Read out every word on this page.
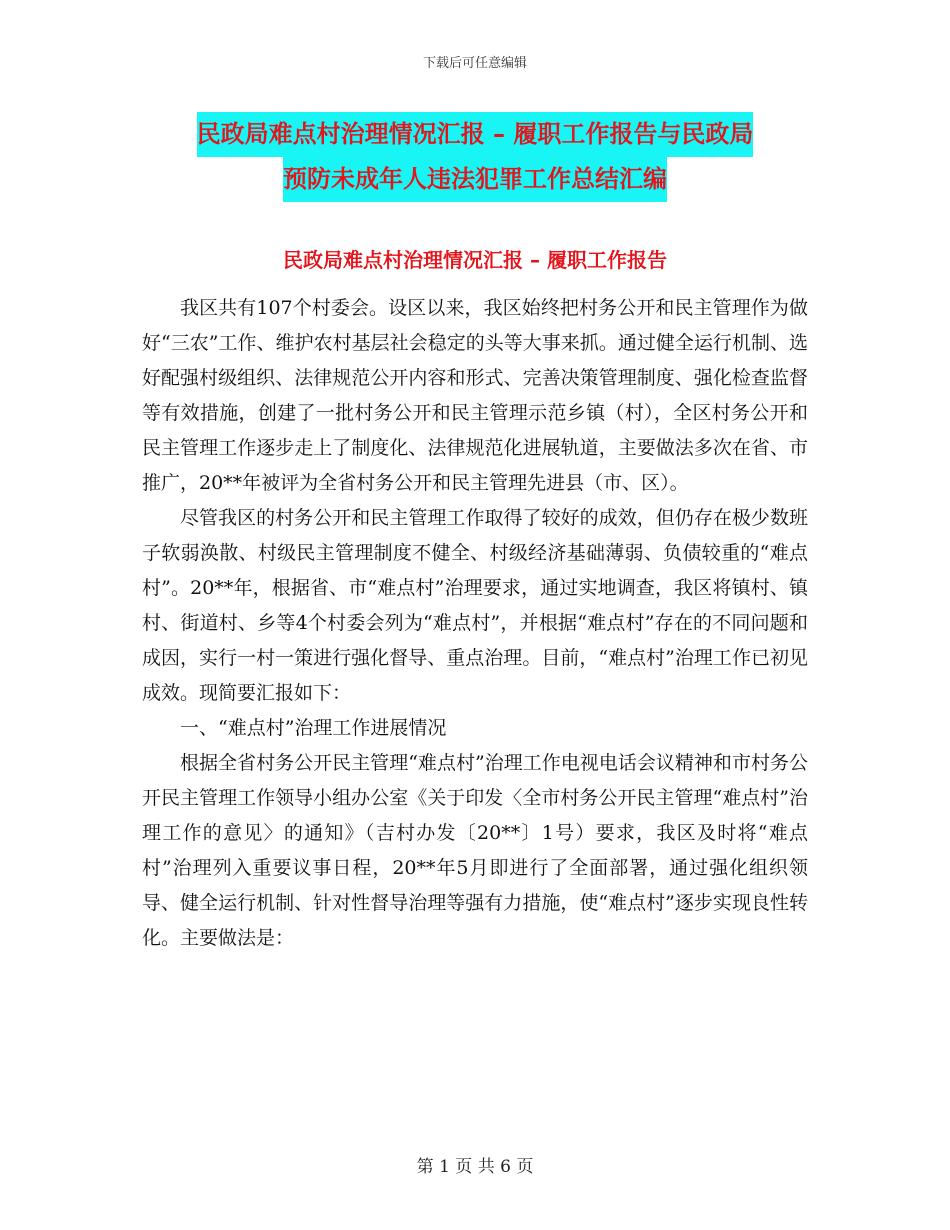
下载后可任意编辑
民政局难点村治理情况汇报 – 履职工作报告与民政局
预防未成年人违法犯罪工作总结汇编
民政局难点村治理情况汇报 – 履职工作报告

我区共有107个村委会。设区以来，我区始终把村务公开和民主管理作为做好“三农”工作、维护农村基层社会稳定的头等大事来抓。通过健全运行机制、选好配强村级组织、法律规范公开内容和形式、完善决策管理制度、强化检查监督等有效措施，创建了一批村务公开和民主管理示范乡镇（村），全区村务公开和民主管理工作逐步走上了制度化、法律规范化进展轨道，主要做法多次在省、市推广，20**年被评为全省村务公开和民主管理先进县（市、区）。

尽管我区的村务公开和民主管理工作取得了较好的成效，但仍存在极少数班子软弱涣散、村级民主管理制度不健全、村级经济基础薄弱、负债较重的“难点村”。20**年，根据省、市“难点村”治理要求，通过实地调查，我区将镇村、镇村、街道村、乡等4个村委会列为“难点村”，并根据“难点村”存在的不同问题和成因，实行一村一策进行强化督导、重点治理。目前，“难点村”治理工作已初见成效。现简要汇报如下：

一、“难点村”治理工作进展情况

根据全省村务公开民主管理“难点村”治理工作电视电话会议精神和市村务公开民主管理工作领导小组办公室《关于印发〈全市村务公开民主管理“难点村”治理工作的意见〉的通知》（吉村办发〔20**〕1号）要求，我区及时将“难点村”治理列入重要议事日程，20**年5月即进行了全面部署，通过强化组织领导、健全运行机制、针对性督导治理等强有力措施，使“难点村”逐步实现良性转化。主要做法是：

第 1 页 共 6 页
